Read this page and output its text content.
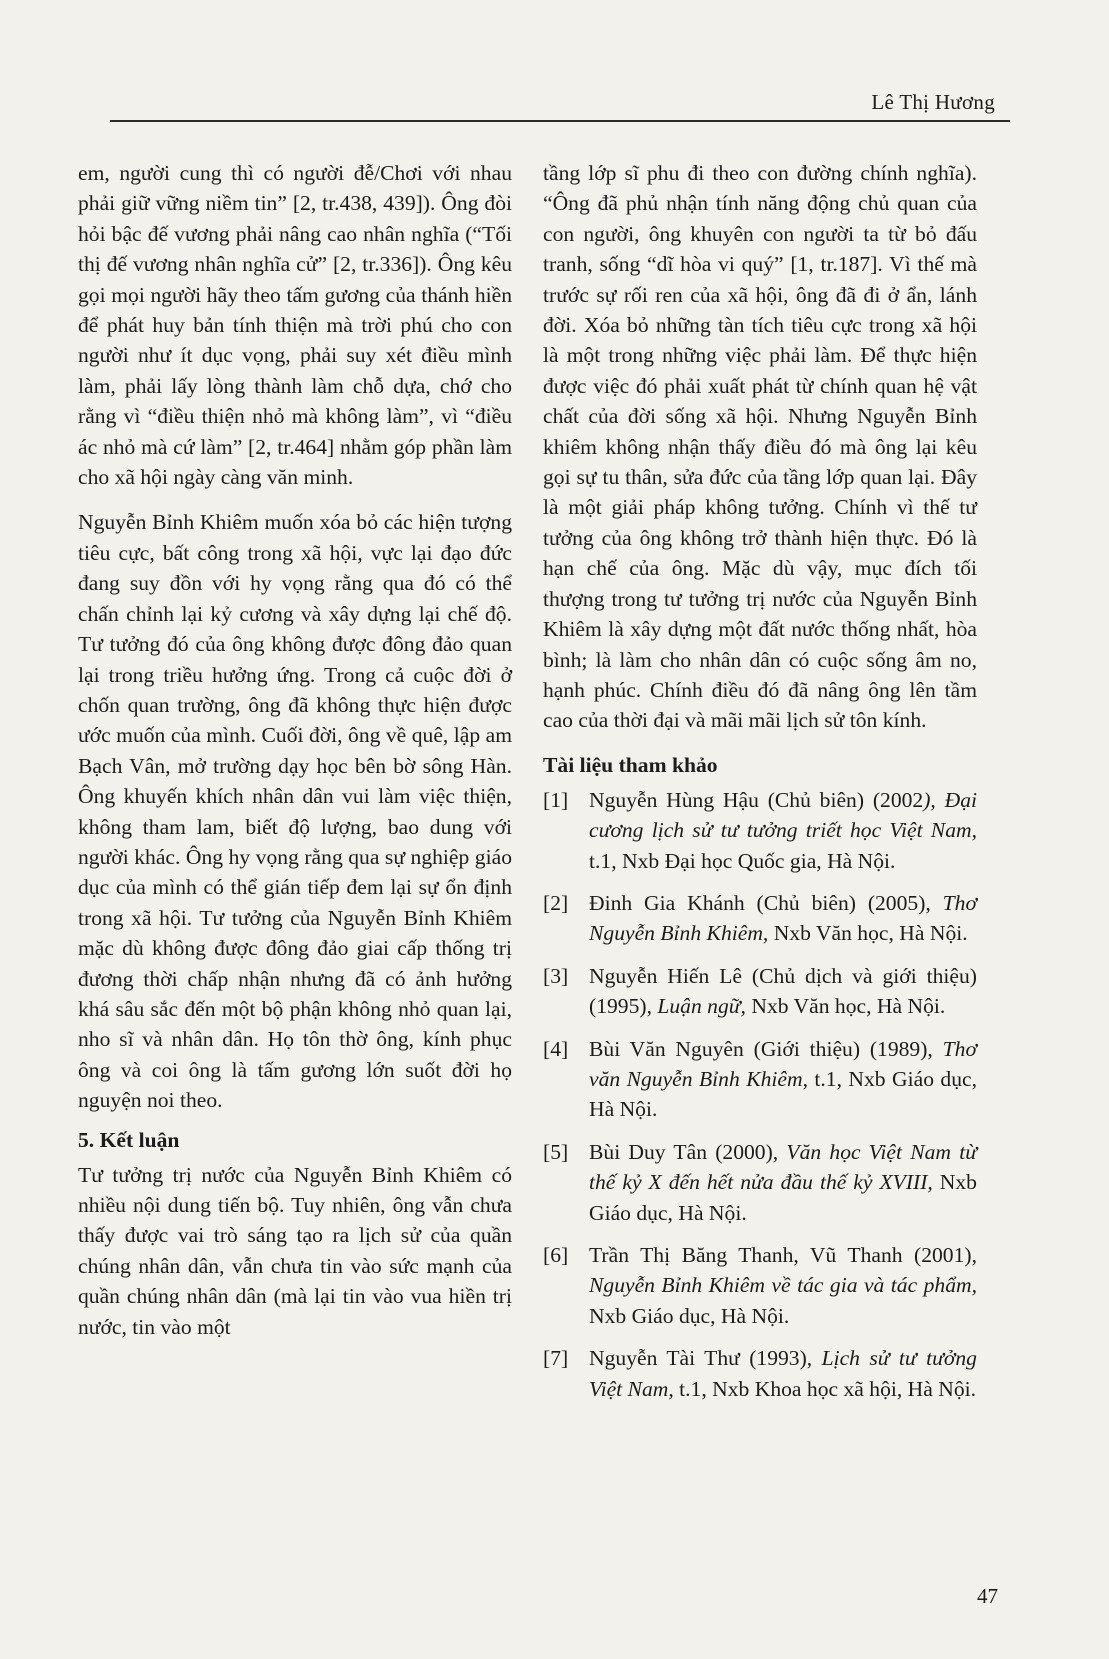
Lê Thị Hương

em, người cung thì có người đễ/Chơi với nhau phải giữ vững niềm tin” [2, tr.438, 439]). Ông đòi hỏi bậc đế vương phải nâng cao nhân nghĩa (“Tối thị đế vương nhân nghĩa cử” [2, tr.336]). Ông kêu gọi mọi người hãy theo tấm gương của thánh hiền để phát huy bản tính thiện mà trời phú cho con người như ít dục vọng, phải suy xét điều mình làm, phải lấy lòng thành làm chỗ dựa, chớ cho rằng vì “điều thiện nhỏ mà không làm”, vì “điều ác nhỏ mà cứ làm” [2, tr.464] nhằm góp phần làm cho xã hội ngày càng văn minh.

Nguyễn Bỉnh Khiêm muốn xóa bỏ các hiện tượng tiêu cực, bất công trong xã hội, vực lại đạo đức đang suy đồn với hy vọng rằng qua đó có thể chấn chỉnh lại kỷ cương và xây dựng lại chế độ. Tư tưởng đó của ông không được đông đảo quan lại trong triều hưởng ứng. Trong cả cuộc đời ở chốn quan trường, ông đã không thực hiện được ước muốn của mình. Cuối đời, ông về quê, lập am Bạch Vân, mở trường dạy học bên bờ sông Hàn. Ông khuyến khích nhân dân vui làm việc thiện, không tham lam, biết độ lượng, bao dung với người khác. Ông hy vọng rằng qua sự nghiệp giáo dục của mình có thể gián tiếp đem lại sự ổn định trong xã hội. Tư tưởng của Nguyễn Bỉnh Khiêm mặc dù không được đông đảo giai cấp thống trị đương thời chấp nhận nhưng đã có ảnh hưởng khá sâu sắc đến một bộ phận không nhỏ quan lại, nho sĩ và nhân dân. Họ tôn thờ ông, kính phục ông và coi ông là tấm gương lớn suốt đời họ nguyện noi theo.

5. Kết luận

Tư tưởng trị nước của Nguyễn Bỉnh Khiêm có nhiều nội dung tiến bộ. Tuy nhiên, ông vẫn chưa thấy được vai trò sáng tạo ra lịch sử của quần chúng nhân dân, vẫn chưa tin vào sức mạnh của quần chúng nhân dân (mà lại tin vào vua hiền trị nước, tin vào một

tầng lớp sĩ phu đi theo con đường chính nghĩa). “Ông đã phủ nhận tính năng động chủ quan của con người, ông khuyên con người ta từ bỏ đấu tranh, sống “dĩ hòa vi quý” [1, tr.187]. Vì thế mà trước sự rối ren của xã hội, ông đã đi ở ẩn, lánh đời. Xóa bỏ những tàn tích tiêu cực trong xã hội là một trong những việc phải làm. Để thực hiện được việc đó phải xuất phát từ chính quan hệ vật chất của đời sống xã hội. Nhưng Nguyễn Bỉnh khiêm không nhận thấy điều đó mà ông lại kêu gọi sự tu thân, sửa đức của tầng lớp quan lại. Đây là một giải pháp không tưởng. Chính vì thế tư tưởng của ông không trở thành hiện thực. Đó là hạn chế của ông. Mặc dù vậy, mục đích tối thượng trong tư tưởng trị nước của Nguyễn Bỉnh Khiêm là xây dựng một đất nước thống nhất, hòa bình; là làm cho nhân dân có cuộc sống âm no, hạnh phúc. Chính điều đó đã nâng ông lên tầm cao của thời đại và mãi mãi lịch sử tôn kính.

Tài liệu tham khảo
[1] Nguyễn Hùng Hậu (Chủ biên) (2002), Đại cương lịch sử tư tưởng triết học Việt Nam, t.1, Nxb Đại học Quốc gia, Hà Nội.
[2] Đinh Gia Khánh (Chủ biên) (2005), Thơ Nguyễn Bỉnh Khiêm, Nxb Văn học, Hà Nội.
[3] Nguyễn Hiến Lê (Chủ dịch và giới thiệu) (1995), Luận ngữ, Nxb Văn học, Hà Nội.
[4] Bùi Văn Nguyên (Giới thiệu) (1989), Thơ văn Nguyễn Bỉnh Khiêm, t.1, Nxb Giáo dục, Hà Nội.
[5] Bùi Duy Tân (2000), Văn học Việt Nam từ thế kỷ X đến hết nửa đầu thế kỷ XVIII, Nxb Giáo dục, Hà Nội.
[6] Trần Thị Băng Thanh, Vũ Thanh (2001), Nguyễn Bỉnh Khiêm về tác gia và tác phẩm, Nxb Giáo dục, Hà Nội.
[7] Nguyễn Tài Thư (1993), Lịch sử tư tưởng Việt Nam, t.1, Nxb Khoa học xã hội, Hà Nội.
47
